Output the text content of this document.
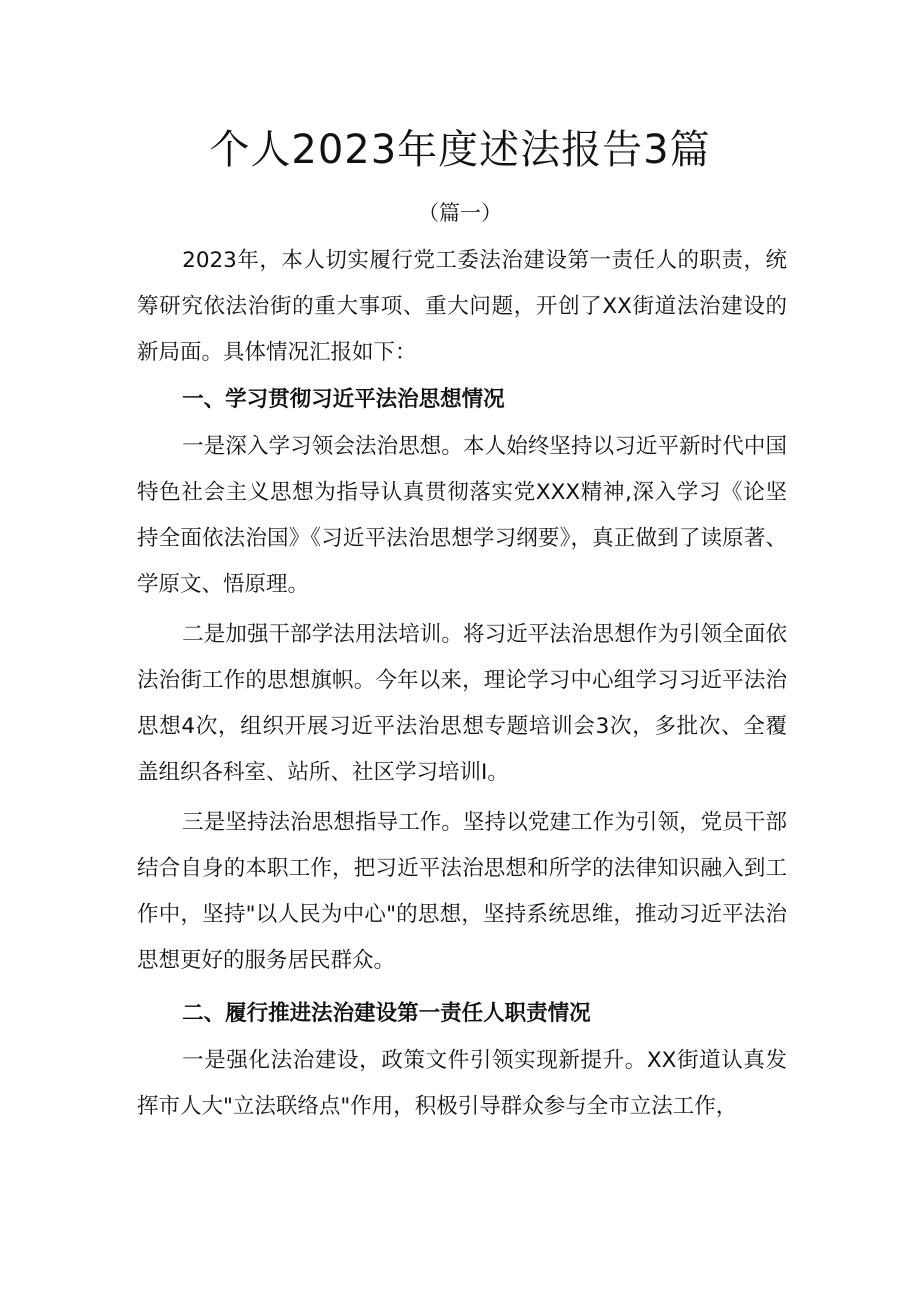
个人2023年度述法报告3篇
（篇一）

2023年，本人切实履行党工委法治建设第一责任人的职责，统筹研究依法治街的重大事项、重大问题，开创了XX街道法治建设的新局面。具体情况汇报如下：

一、学习贯彻习近平法治思想情况

一是深入学习领会法治思想。本人始终坚持以习近平新时代中国特色社会主义思想为指导认真贯彻落实党XXX精神,深入学习《论坚持全面依法治国》《习近平法治思想学习纲要》，真正做到了读原著、学原文、悟原理。

二是加强干部学法用法培训。将习近平法治思想作为引领全面依法治街工作的思想旗帜。今年以来，理论学习中心组学习习近平法治思想4次，组织开展习近平法治思想专题培训会3次，多批次、全覆盖组织各科室、站所、社区学习培训I。

三是坚持法治思想指导工作。坚持以党建工作为引领，党员干部结合自身的本职工作，把习近平法治思想和所学的法律知识融入到工作中，坚持"以人民为中心"的思想，坚持系统思维，推动习近平法治思想更好的服务居民群众。

二、履行推进法治建设第一责任人职责情况

一是强化法治建设，政策文件引领实现新提升。XX街道认真发挥市人大"立法联络点"作用，积极引导群众参与全市立法工作，
